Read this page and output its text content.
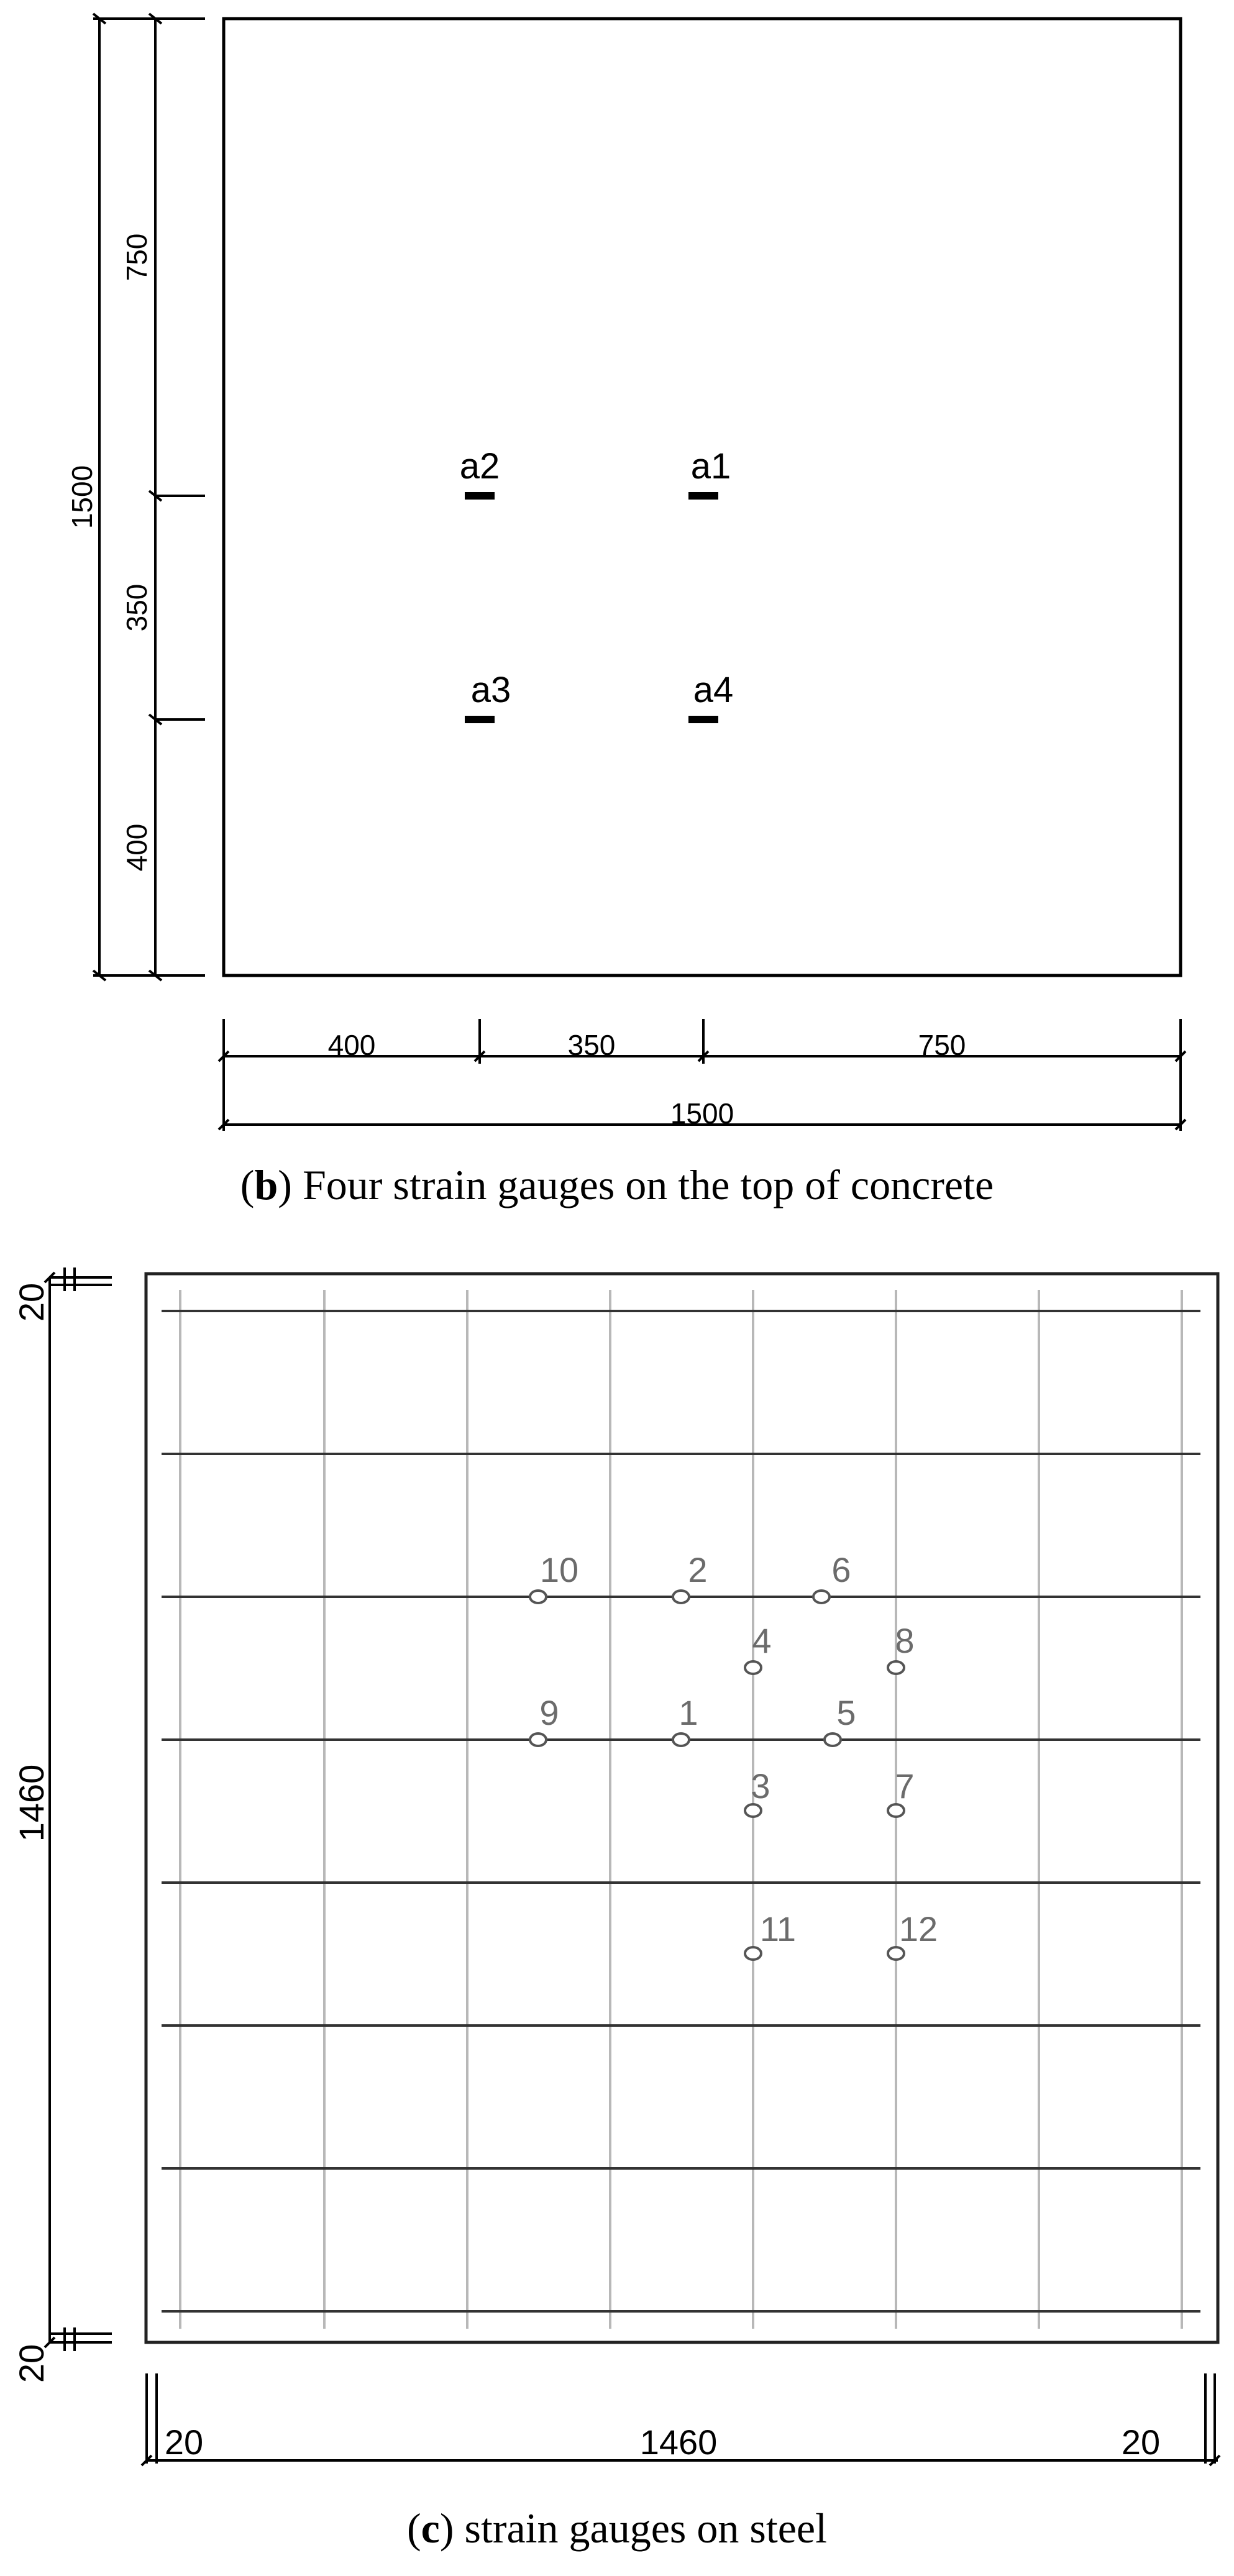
750
350
400
1500	a2	a1
a3	a4
400	350	750
1500
10	2	6
4	8
9	1	5
3	7
11	12
20
1460
20
20	1460	20
(b) Four strain gauges on the top of concrete
(c) strain gauges on steel
